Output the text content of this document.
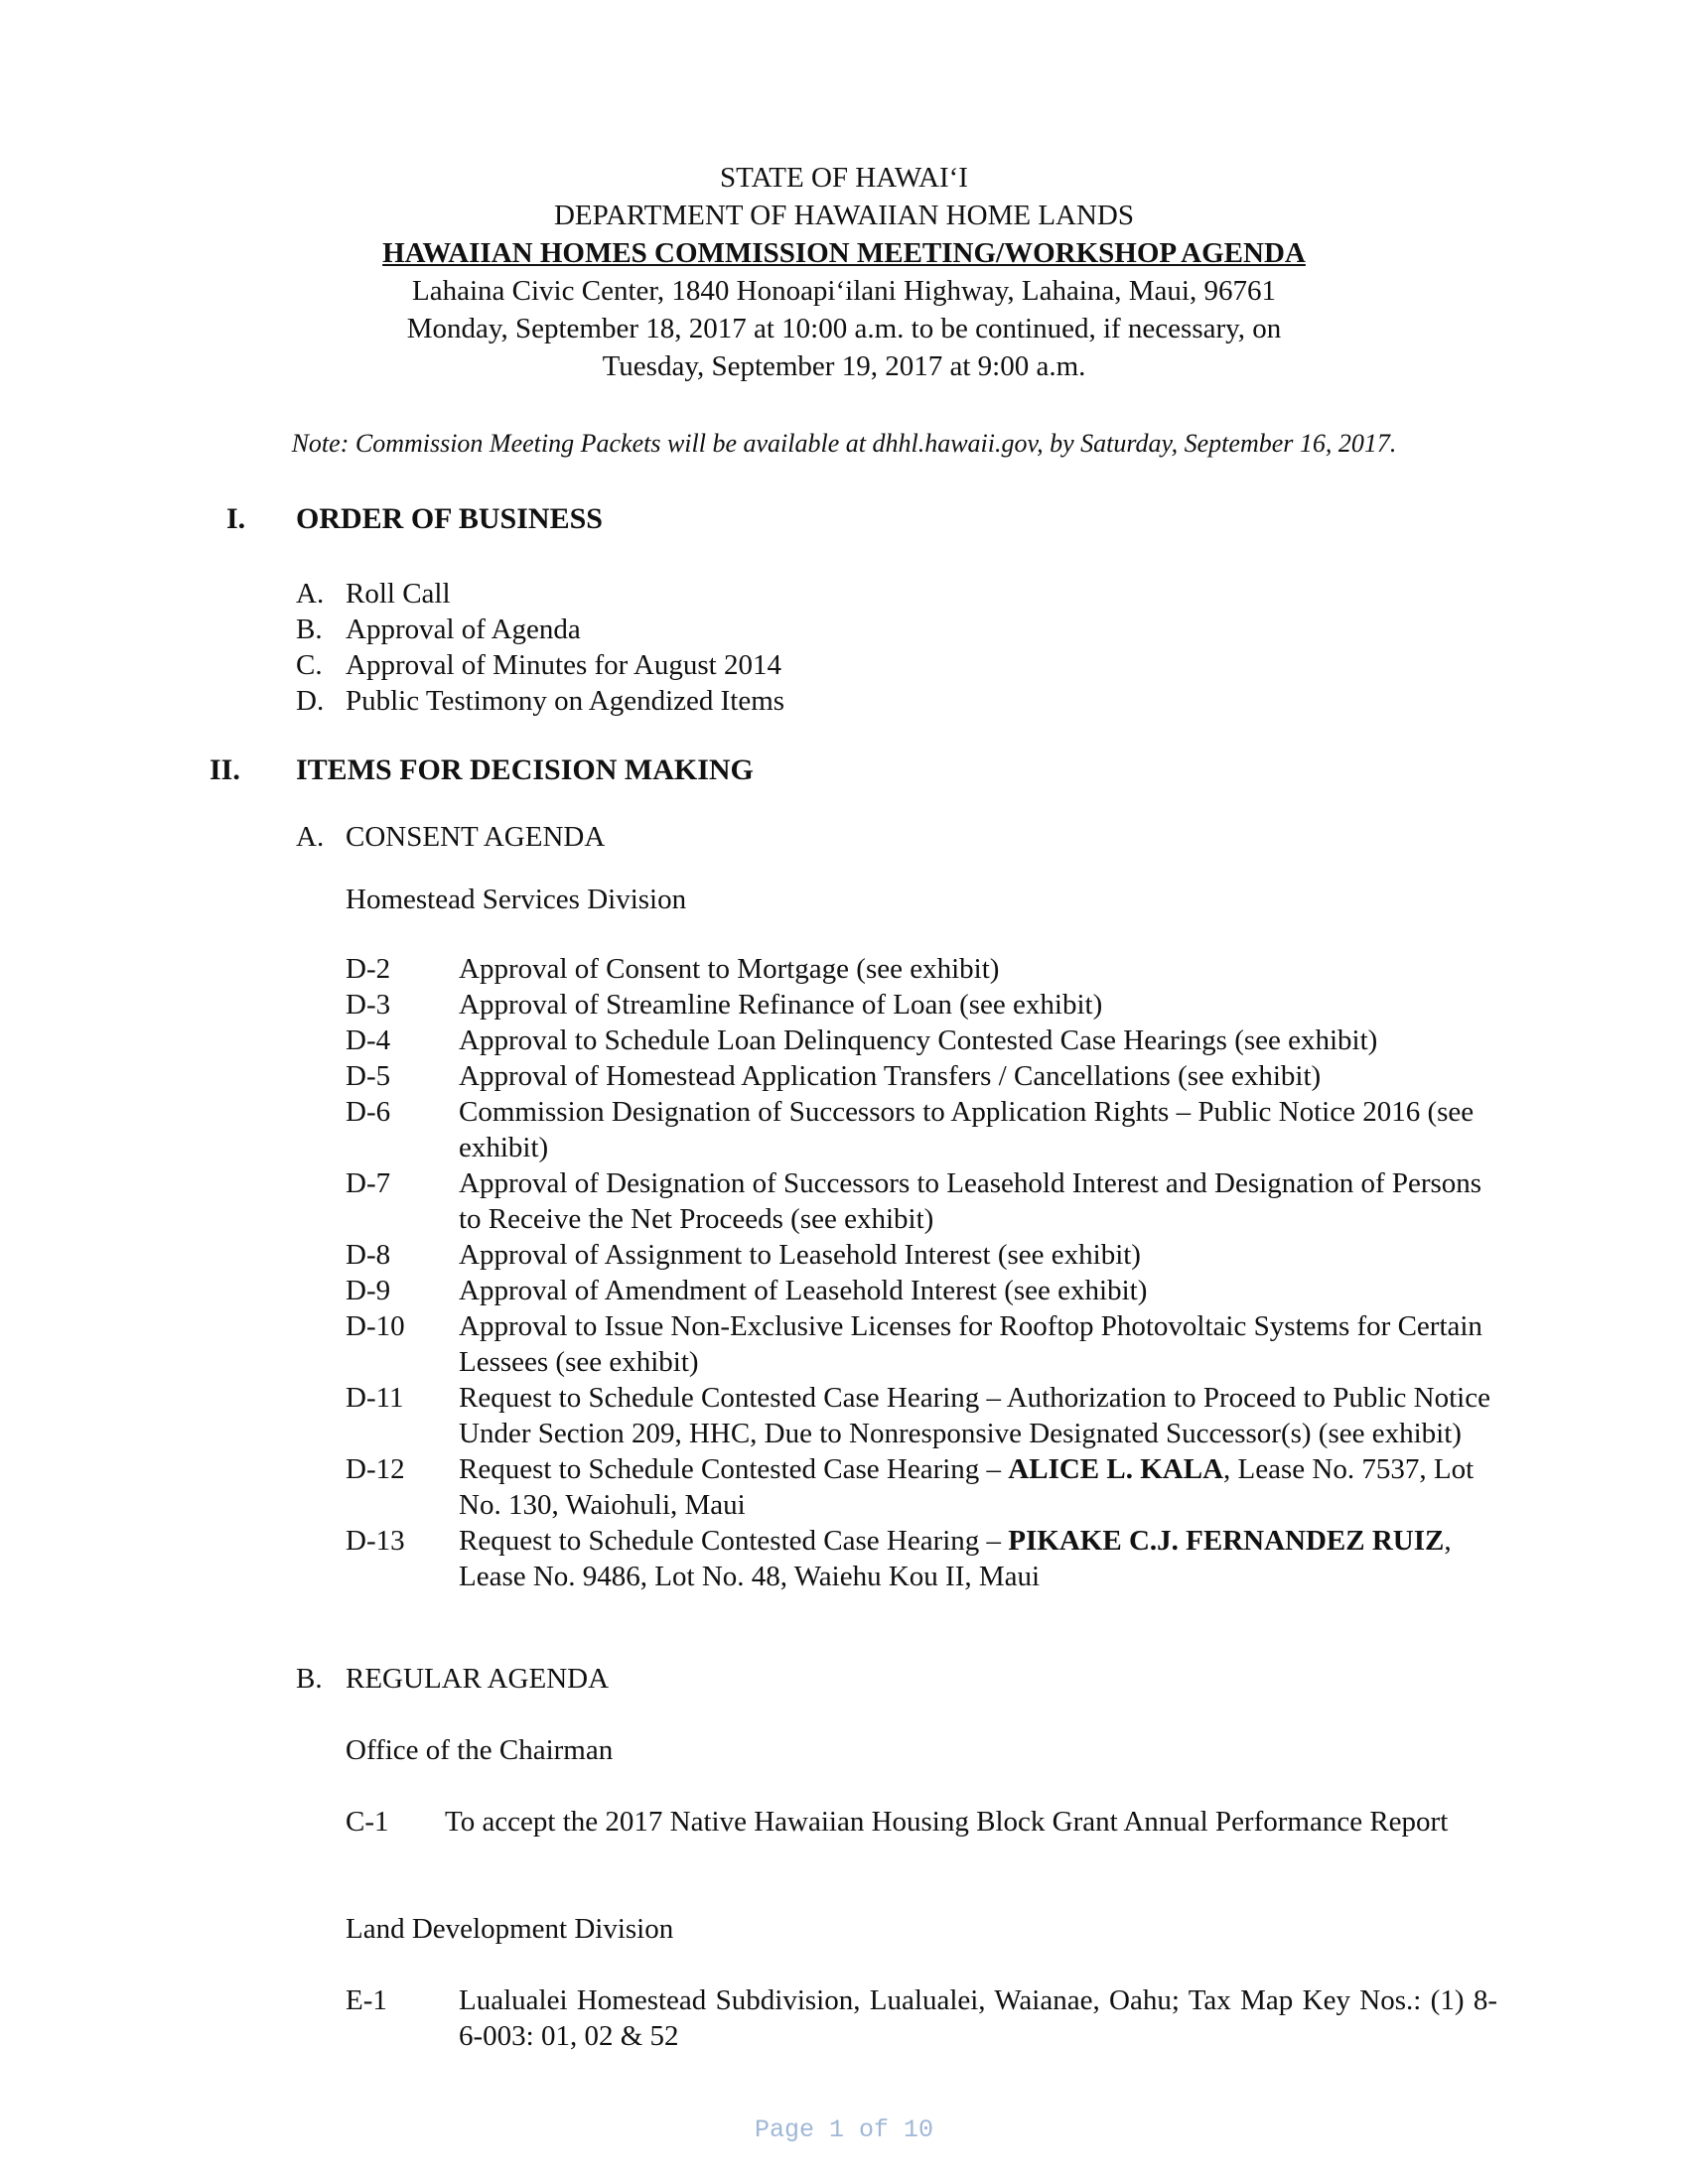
STATE OF HAWAIʻI
DEPARTMENT OF HAWAIIAN HOME LANDS
HAWAIIAN HOMES COMMISSION MEETING/WORKSHOP AGENDA
Lahaina Civic Center, 1840 Honoapiʻilani Highway, Lahaina, Maui, 96761
Monday, September 18, 2017 at 10:00 a.m. to be continued, if necessary, on
Tuesday, September 19, 2017 at 9:00 a.m.
Note: Commission Meeting Packets will be available at dhhl.hawaii.gov, by Saturday, September 16, 2017.
I. ORDER OF BUSINESS
A. Roll Call
B. Approval of Agenda
C. Approval of Minutes for August 2014
D. Public Testimony on Agendized Items
II. ITEMS FOR DECISION MAKING
A. CONSENT AGENDA
Homestead Services Division
D-2	Approval of Consent to Mortgage (see exhibit)
D-3	Approval of Streamline Refinance of Loan (see exhibit)
D-4	Approval to Schedule Loan Delinquency Contested Case Hearings (see exhibit)
D-5	Approval of Homestead Application Transfers / Cancellations (see exhibit)
D-6	Commission Designation of Successors to Application Rights – Public Notice 2016 (see exhibit)
D-7	Approval of Designation of Successors to Leasehold Interest and Designation of Persons to Receive the Net Proceeds (see exhibit)
D-8	Approval of Assignment to Leasehold Interest (see exhibit)
D-9	Approval of Amendment of Leasehold Interest (see exhibit)
D-10	Approval to Issue Non-Exclusive Licenses for Rooftop Photovoltaic Systems for Certain Lessees (see exhibit)
D-11	Request to Schedule Contested Case Hearing – Authorization to Proceed to Public Notice Under Section 209, HHC, Due to Nonresponsive Designated Successor(s) (see exhibit)
D-12	Request to Schedule Contested Case Hearing – ALICE L. KALA, Lease No. 7537, Lot No. 130, Waiohuli, Maui
D-13	Request to Schedule Contested Case Hearing – PIKAKE C.J. FERNANDEZ RUIZ, Lease No. 9486, Lot No. 48, Waiehu Kou II, Maui
B. REGULAR AGENDA
Office of the Chairman
C-1 To accept the 2017 Native Hawaiian Housing Block Grant Annual Performance Report
Land Development Division
E-1 Lualualei Homestead Subdivision, Lualualei, Waianae, Oahu; Tax Map Key Nos.: (1) 8-6-003: 01, 02 & 52
Page 1 of 10
